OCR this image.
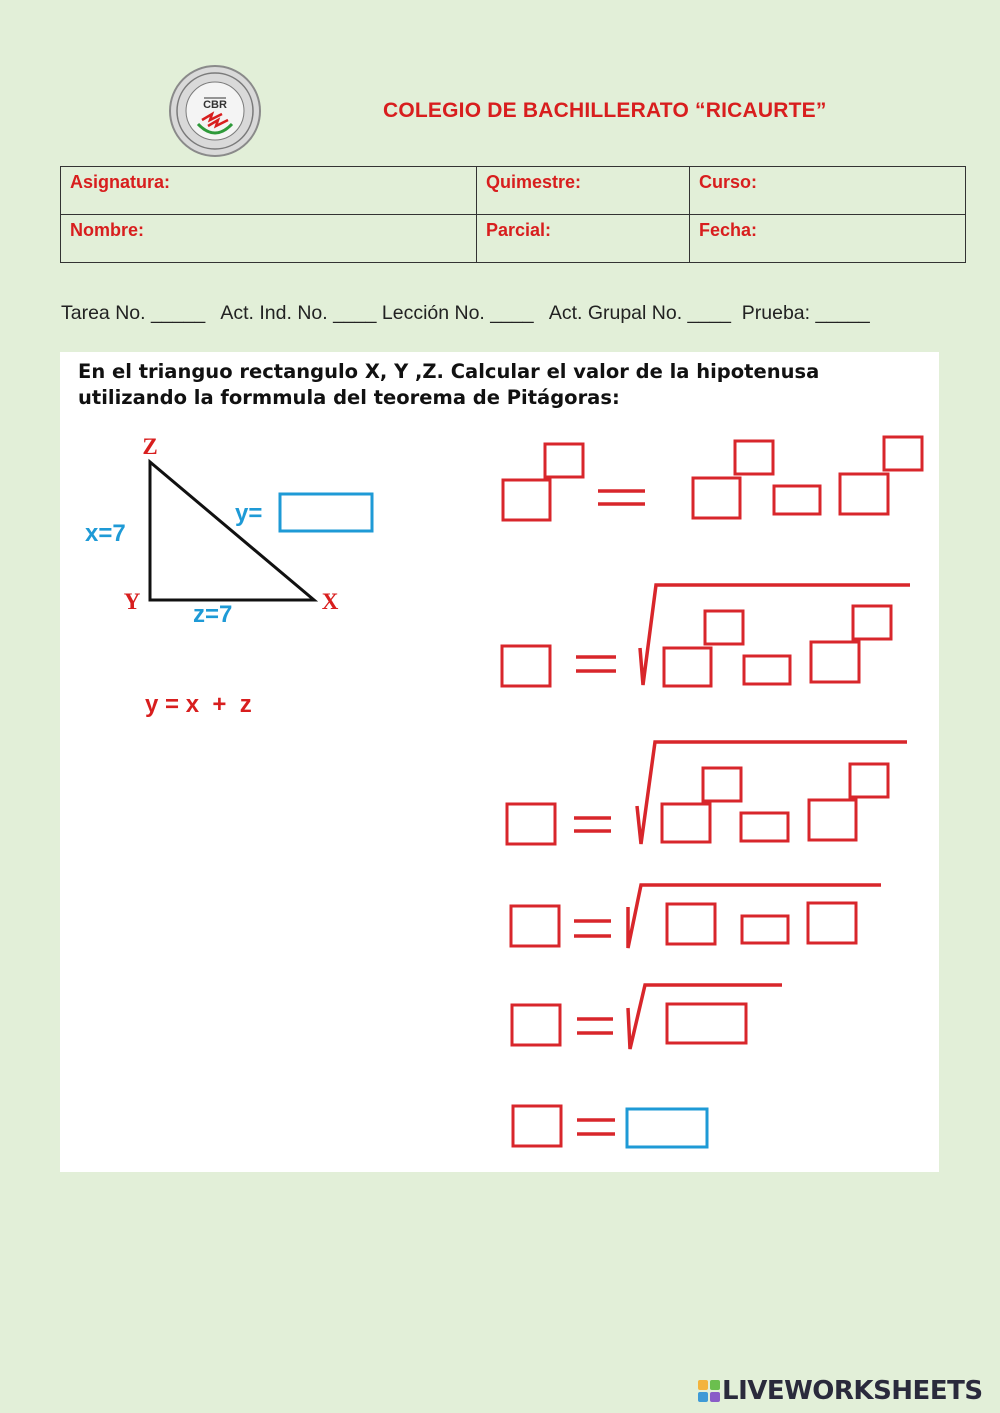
CBR	COLEGIO DE BACHILLERATO “RICAURTE”
Asignatura:	Quimestre:	Curso:
Nombre:	Parcial:	Fecha:
Tarea No. _____   Act. Ind. No. ____ Lección No. ____   Act. Grupal No. ____  Prueba: _____
En el trianguo rectangulo X, Y ,Z. Calcular el valor de la hipotenusa
utilizando la formmula del teorema de Pitágoras:
Z
Y	X
x=7
z=7
y=
y = x  +  z
LIVEWORKSHEETS
